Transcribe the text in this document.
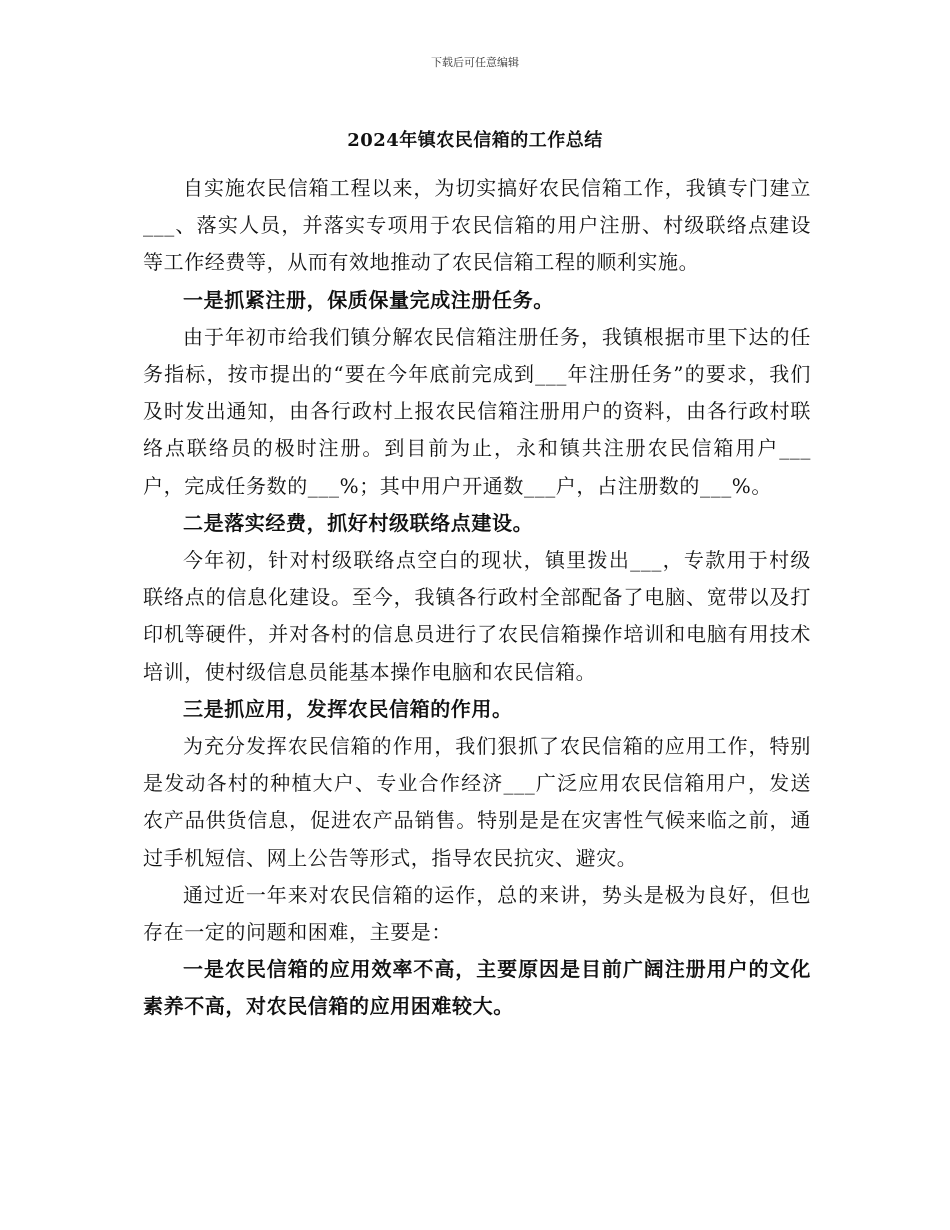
下载后可任意编辑
2024年镇农民信箱的工作总结

自实施农民信箱工程以来，为切实搞好农民信箱工作，我镇专门建立___、落实人员，并落实专项用于农民信箱的用户注册、村级联络点建设等工作经费等，从而有效地推动了农民信箱工程的顺利实施。

一是抓紧注册，保质保量完成注册任务。

由于年初市给我们镇分解农民信箱注册任务，我镇根据市里下达的任务指标，按市提出的“要在今年底前完成到___年注册任务”的要求，我们及时发出通知，由各行政村上报农民信箱注册用户的资料，由各行政村联络点联络员的极时注册。到目前为止，永和镇共注册农民信箱用户___户，完成任务数的___%；其中用户开通数___户，占注册数的___%。

二是落实经费，抓好村级联络点建设。

今年初，针对村级联络点空白的现状，镇里拨出___，专款用于村级联络点的信息化建设。至今，我镇各行政村全部配备了电脑、宽带以及打印机等硬件，并对各村的信息员进行了农民信箱操作培训和电脑有用技术培训，使村级信息员能基本操作电脑和农民信箱。

三是抓应用，发挥农民信箱的作用。

为充分发挥农民信箱的作用，我们狠抓了农民信箱的应用工作，特别是发动各村的种植大户、专业合作经济___广泛应用农民信箱用户，发送农产品供货信息，促进农产品销售。特别是是在灾害性气候来临之前，通过手机短信、网上公告等形式，指导农民抗灾、避灾。

通过近一年来对农民信箱的运作，总的来讲，势头是极为良好，但也存在一定的问题和困难，主要是：

一是农民信箱的应用效率不高，主要原因是目前广阔注册用户的文化素养不高，对农民信箱的应用困难较大。
